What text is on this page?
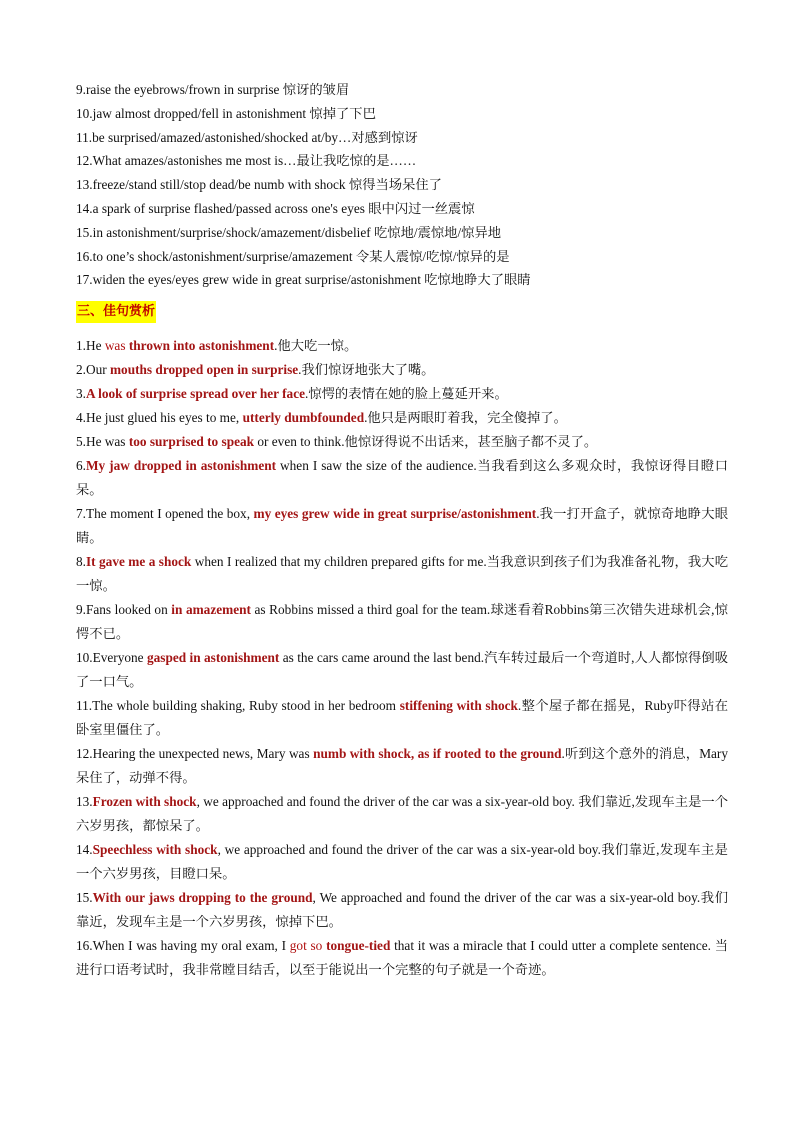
9.raise the eyebrows/frown in surprise 惊讶的皱眉
10.jaw almost dropped/fell in astonishment 惊掉了下巴
11.be surprised/amazed/astonished/shocked at/by…对感到惊讶
12.What amazes/astonishes me most is…最让我吃惊的是……
13.freeze/stand still/stop dead/be numb with shock 惊得当场呆住了
14.a spark of surprise flashed/passed across one's eyes 眼中闪过一丝震惊
15.in astonishment/surprise/shock/amazement/disbelief 吃惊地/震惊地/惊异地
16.to one’s shock/astonishment/surprise/amazement 令某人震惊/吃惊/惊异的是
17.widen the eyes/eyes grew wide in great surprise/astonishment 吃惊地睁大了眼睛
三、佳句赏析
1.He was thrown into astonishment.他大吃一惊。
2.Our mouths dropped open in surprise.我们惊讶地张大了嘴。
3.A look of surprise spread over her face.惊愕的表情在她的脸上蔓延开来。
4.He just glued his eyes to me, utterly dumbfounded.他只是两眼盯着我，完全傻掉了。
5.He was too surprised to speak or even to think.他惊讶得说不出话来，甚至脑子都不灵了。
6.My jaw dropped in astonishment when I saw the size of the audience.当我看到这么多观众时，我惊讶得目瞪口呆。
7.The moment I opened the box, my eyes grew wide in great surprise/astonishment.我一打开盒子，就惊奇地睁大眼睛。
8.It gave me a shock when I realized that my children prepared gifts for me.当我意识到孩子们为我准备礼物，我大吃一惊。
9.Fans looked on in amazement as Robbins missed a third goal for the team.球迷看着Robbins第三次错失进球机会,惊愕不已。
10.Everyone gasped in astonishment as the cars came around the last bend.汽车转过最后一个弯道时,人人都惊得倒吸了一口气。
11.The whole building shaking, Ruby stood in her bedroom stiffening with shock.整个屋子都在摇晃，Ruby吓得站在卧室里僵住了。
12.Hearing the unexpected news, Mary was numb with shock, as if rooted to the ground.听到这个意外的消息，Mary呆住了，动弹不得。
13.Frozen with shock, we approached and found the driver of the car was a six-year-old boy. 我们靠近,发现车主是一个六岁男孩，都惊呆了。
14.Speechless with shock, we approached and found the driver of the car was a six-year-old boy.我们靠近,发现车主是一个六岁男孩，目瞪口呆。
15.With our jaws dropping to the ground, We approached and found the driver of the car was a six-year-old boy.我们靠近，发现车主是一个六岁男孩，惊掉下巴。
16.When I was having my oral exam, I got so tongue-tied that it was a miracle that I could utter a complete sentence. 当进行口语考试时，我非常瞠目结舌，以至于能说出一个完整的句子就是一个奇迹。
